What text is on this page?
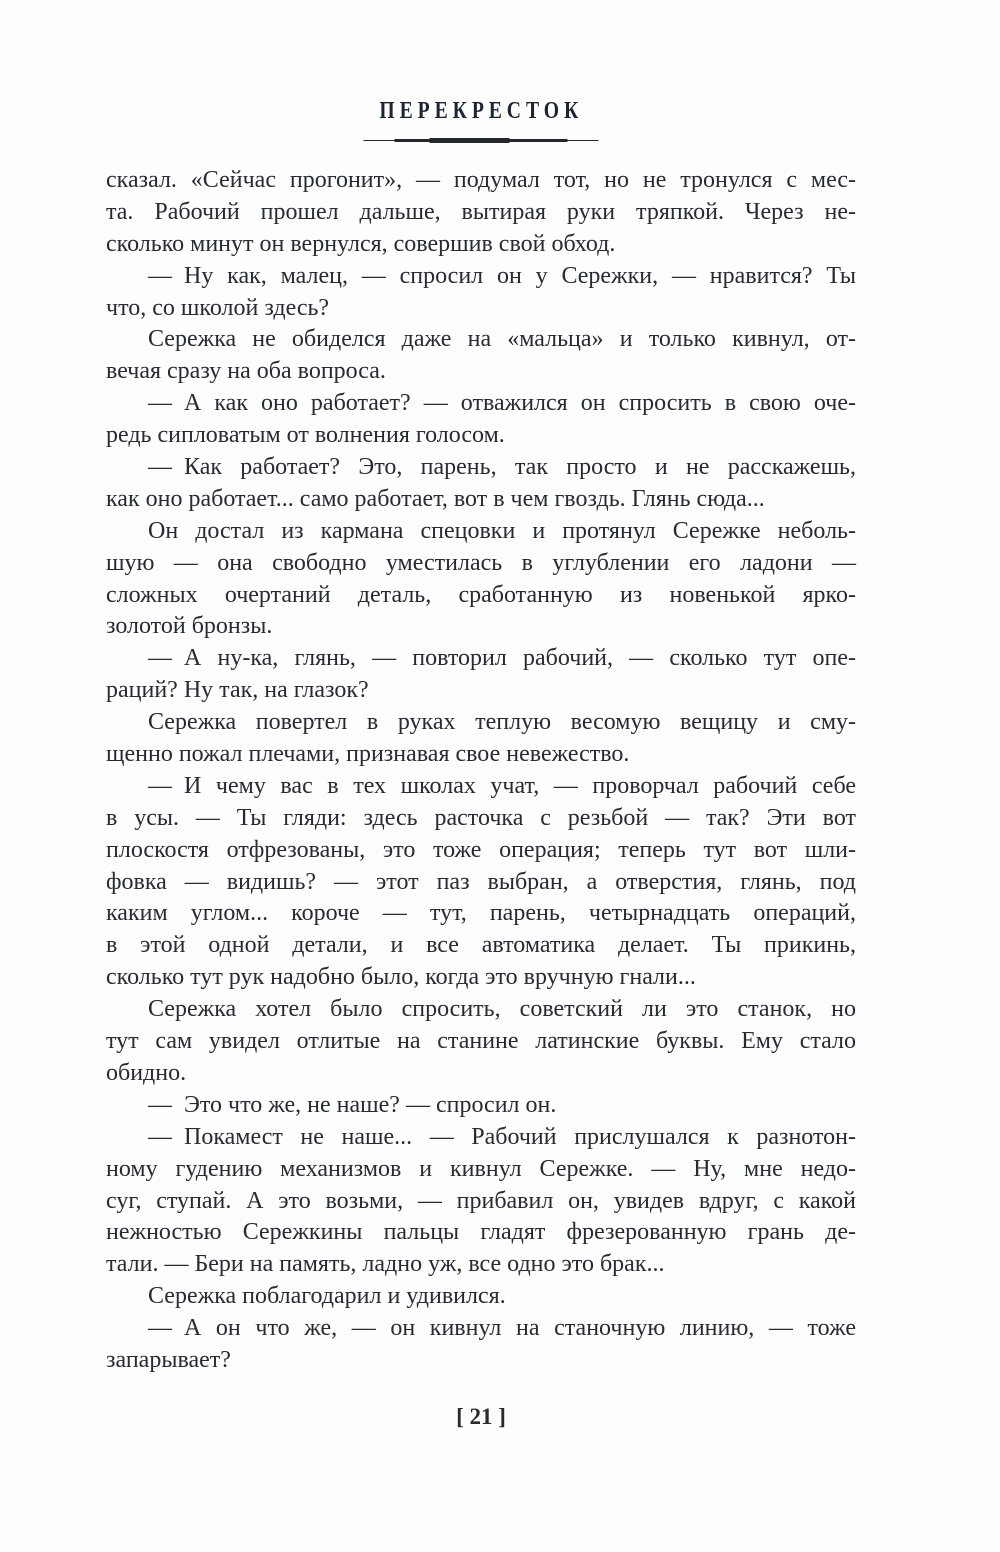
ПЕРЕКРЕСТОК
сказал. «Сейчас прогонит», — подумал тот, но не тронулся с мес-
та. Рабочий прошел дальше, вытирая руки тряпкой. Через не-
сколько минут он вернулся, совершив свой обход.
— Ну как, малец, — спросил он у Сережки, — нравится? Ты
что, со школой здесь?
Сережка не обиделся даже на «мальца» и только кивнул, от-
вечая сразу на оба вопроса.
— А как оно работает? — отважился он спросить в свою оче-
редь сипловатым от волнения голосом.
— Как работает? Это, парень, так просто и не расскажешь,
как оно работает... само работает, вот в чем гвоздь. Глянь сюда...
Он достал из кармана спецовки и протянул Сережке неболь-
шую — она свободно уместилась в углублении его ладони —
сложных очертаний деталь, сработанную из новенькой ярко-
золотой бронзы.
— А ну-ка, глянь, — повторил рабочий, — сколько тут опе-
раций? Ну так, на глазок?
Сережка повертел в руках теплую весомую вещицу и сму-
щенно пожал плечами, признавая свое невежество.
— И чему вас в тех школах учат, — проворчал рабочий себе
в усы. — Ты гляди: здесь расточка с резьбой — так? Эти вот
плоскостя отфрезованы, это тоже операция; теперь тут вот шли-
фовка — видишь? — этот паз выбран, а отверстия, глянь, под
каким углом... короче — тут, парень, четырнадцать операций,
в этой одной детали, и все автоматика делает. Ты прикинь,
сколько тут рук надобно было, когда это вручную гнали...
Сережка хотел было спросить, советский ли это станок, но
тут сам увидел отлитые на станине латинские буквы. Ему стало
обидно.
— Это что же, не наше? — спросил он.
— Покамест не наше... — Рабочий прислушался к разнотон-
ному гудению механизмов и кивнул Сережке. — Ну, мне недо-
суг, ступай. А это возьми, — прибавил он, увидев вдруг, с какой
нежностью Сережкины пальцы гладят фрезерованную грань де-
тали. — Бери на память, ладно уж, все одно это брак...
Сережка поблагодарил и удивился.
— А он что же, — он кивнул на станочную линию, — тоже
запарывает?
[ 21 ]
